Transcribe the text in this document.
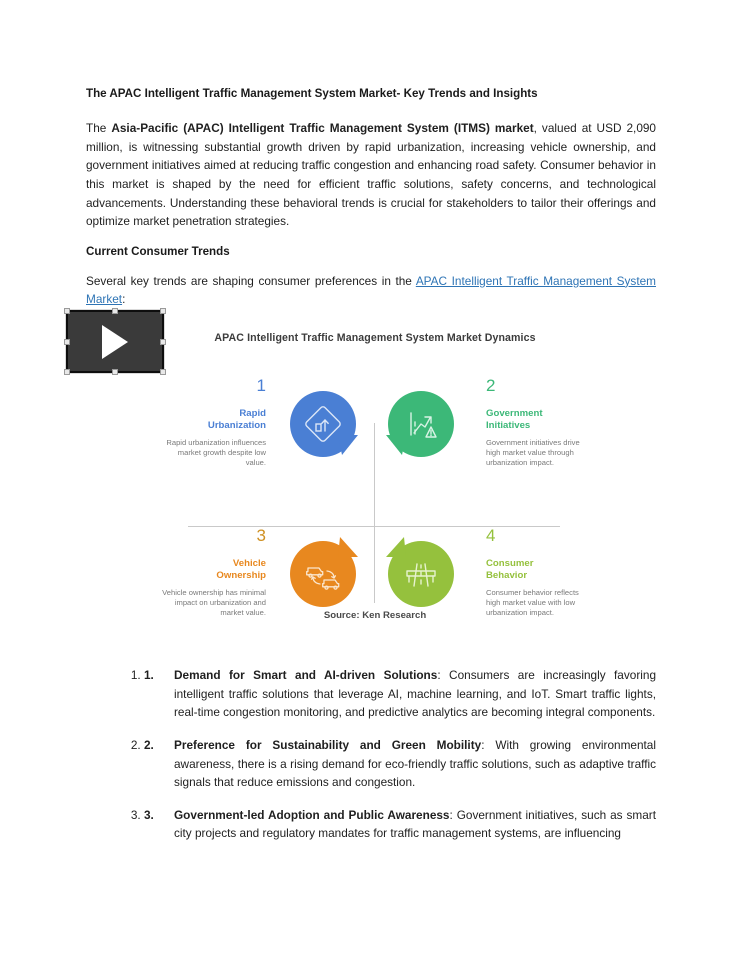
The APAC Intelligent Traffic Management System Market- Key Trends and Insights

The Asia-Pacific (APAC) Intelligent Traffic Management System (ITMS) market, valued at USD 2,090 million, is witnessing substantial growth driven by rapid urbanization, increasing vehicle ownership, and government initiatives aimed at reducing traffic congestion and enhancing road safety. Consumer behavior in this market is shaped by the need for efficient traffic solutions, safety concerns, and technological advancements. Understanding these behavioral trends is crucial for stakeholders to tailor their offerings and optimize market penetration strategies.

Current Consumer Trends

Several key trends are shaping consumer preferences in the APAC Intelligent Traffic Management System Market:

APAC Intelligent Traffic Management System Market Dynamics
1
Rapid
Urbanization
Rapid urbanization influences market growth despite low value.
2
Government
Initiatives
Government initiatives drive high market value through urbanization impact.
3
Vehicle
Ownership
Vehicle ownership has minimal impact on urbanization and market value.
4
Consumer
Behavior
Consumer behavior reflects high market value with low urbanization impact.
Source: Ken Research
1. 1.	Demand for Smart and AI-driven Solutions: Consumers are increasingly favoring intelligent traffic solutions that leverage AI, machine learning, and IoT. Smart traffic lights, real-time congestion monitoring, and predictive analytics are becoming integral components.
2. 2.	Preference for Sustainability and Green Mobility: With growing environmental awareness, there is a rising demand for eco-friendly traffic solutions, such as adaptive traffic signals that reduce emissions and congestion.
3. 3.	Government-led Adoption and Public Awareness: Government initiatives, such as smart city projects and regulatory mandates for traffic management systems, are influencing
